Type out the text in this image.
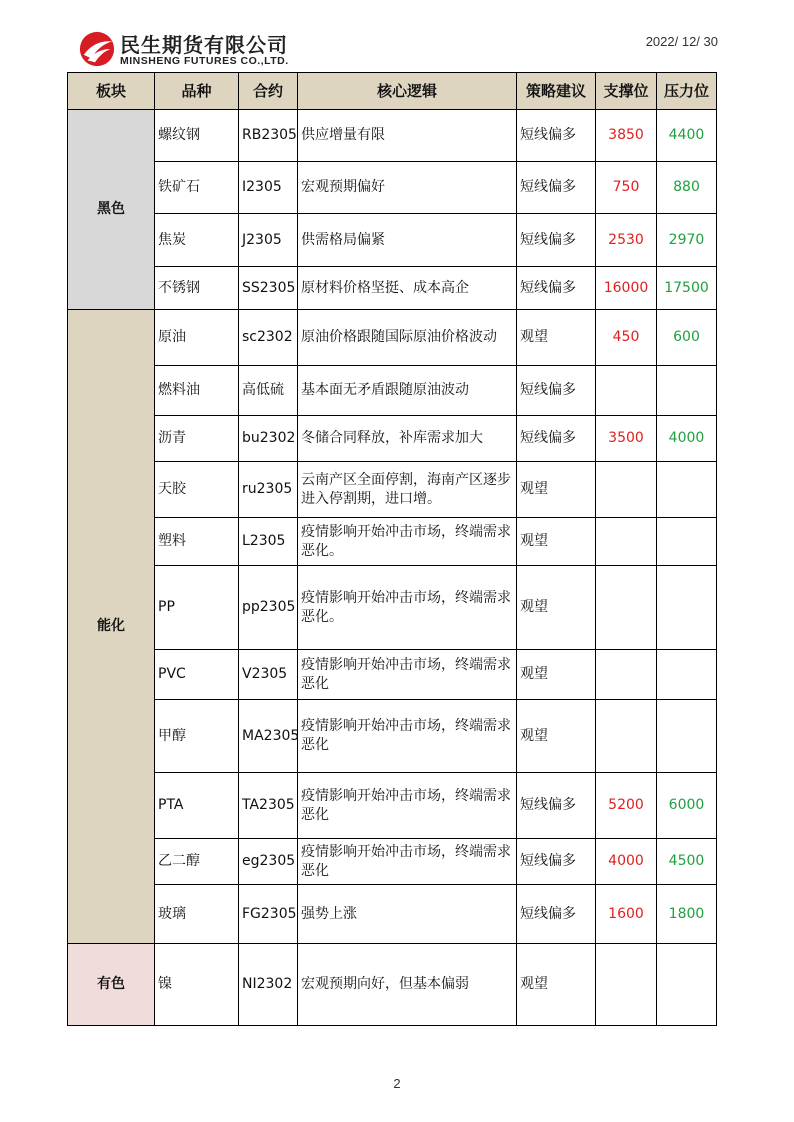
民生期货有限公司
MINSHENG FUTURES CO.,LTD.
2022/ 12/ 30
板块	品种	合约	核心逻辑	策略建议	支撑位	压力位
黑色	螺纹钢	RB2305	供应增量有限	短线偏多	3850	4400
	铁矿石	I2305	宏观预期偏好	短线偏多	750	880
	焦炭	J2305	供需格局偏紧	短线偏多	2530	2970
	不锈钢	SS2305	原材料价格坚挺、成本高企	短线偏多	16000	17500
能化	原油	sc2302	原油价格跟随国际原油价格波动	观望	450	600
	燃料油	高低硫	基本面无矛盾跟随原油波动	短线偏多		
	沥青	bu2302	冬储合同释放，补库需求加大	短线偏多	3500	4000
	天胶	ru2305	云南产区全面停割，海南产区逐步进入停割期，进口增。	观望		
	塑料	L2305	疫情影响开始冲击市场，终端需求恶化。	观望		
	PP	pp2305	疫情影响开始冲击市场，终端需求恶化。	观望		
	PVC	V2305	疫情影响开始冲击市场，终端需求恶化	观望		
	甲醇	MA2305	疫情影响开始冲击市场，终端需求恶化	观望		
	PTA	TA2305	疫情影响开始冲击市场，终端需求恶化	短线偏多	5200	6000
	乙二醇	eg2305	疫情影响开始冲击市场，终端需求恶化	短线偏多	4000	4500
	玻璃	FG2305	强势上涨	短线偏多	1600	1800
有色	镍	NI2302	宏观预期向好，但基本偏弱	观望		
2
